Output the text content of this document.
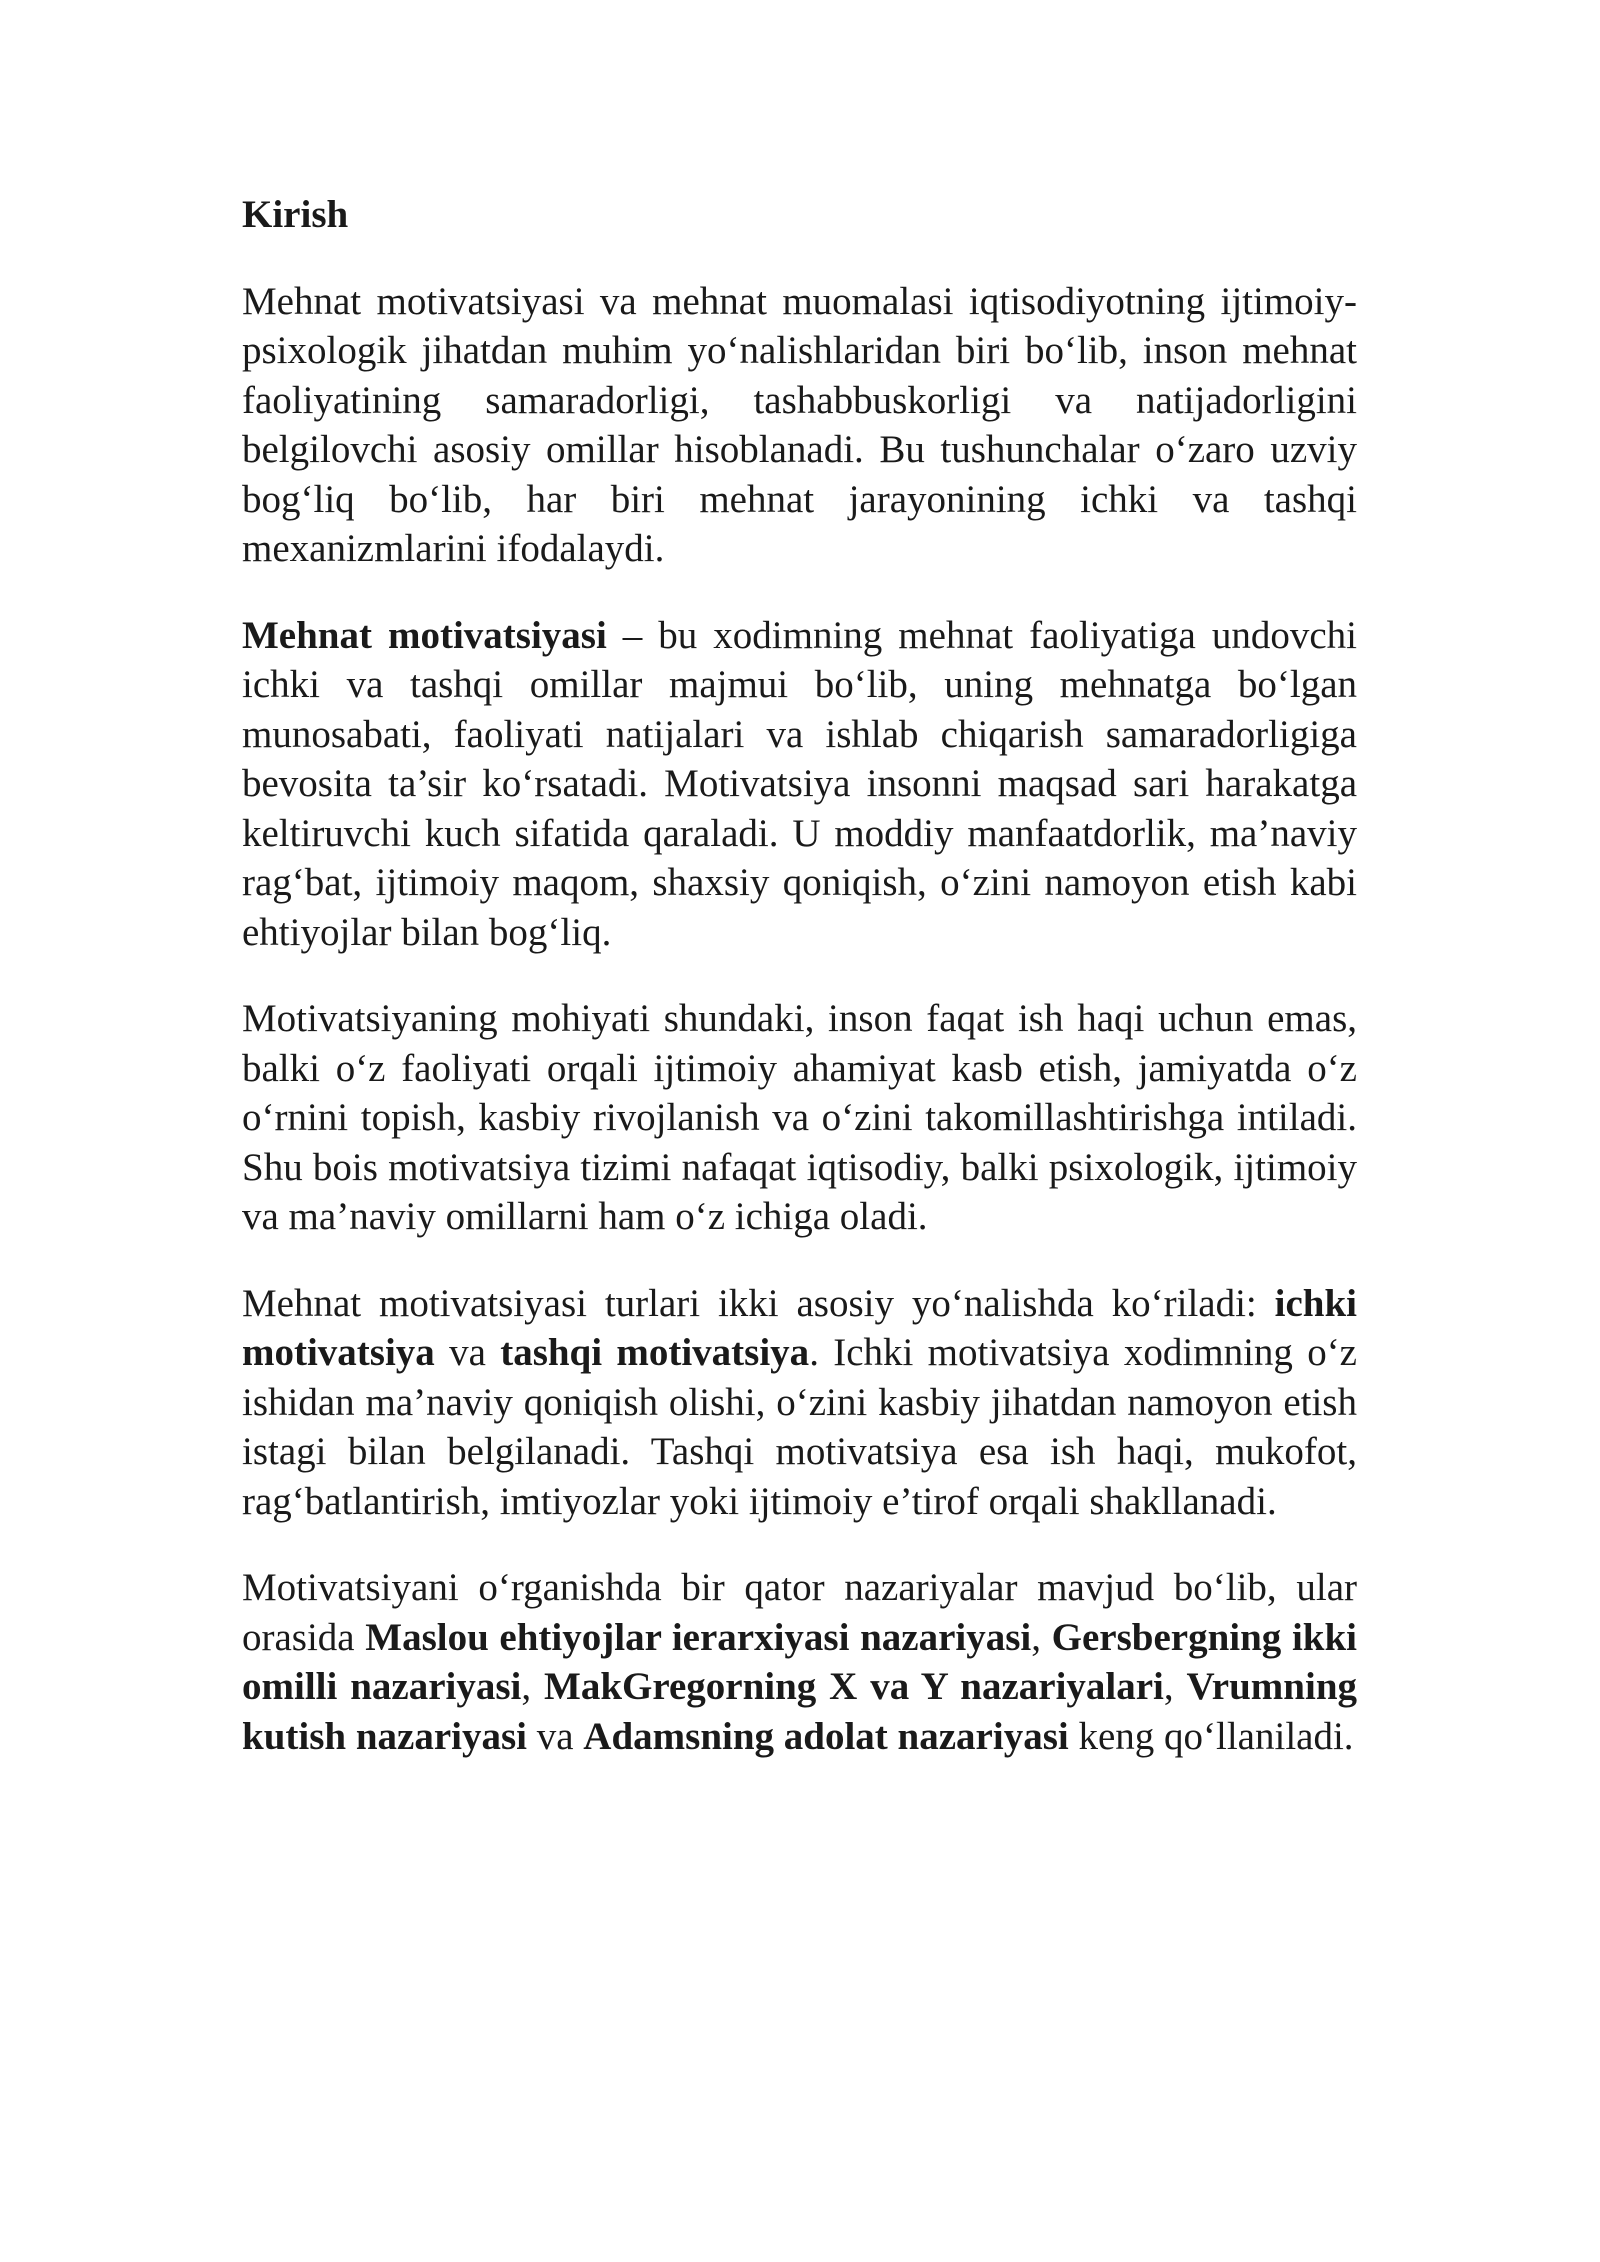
Kirish

Mehnat motivatsiyasi va mehnat muomalasi iqtisodiyotning ijtimoiy-psixologik jihatdan muhim yo‘nalishlaridan biri bo‘lib, inson mehnat faoliyatining samaradorligi, tashabbuskorligi va natijadorligini belgilovchi asosiy omillar hisoblanadi. Bu tushunchalar o‘zaro uzviy bog‘liq bo‘lib, har biri mehnat jarayonining ichki va tashqi mexanizmlarini ifodalaydi.

Mehnat motivatsiyasi – bu xodimning mehnat faoliyatiga undovchi ichki va tashqi omillar majmui bo‘lib, uning mehnatga bo‘lgan munosabati, faoliyati natijalari va ishlab chiqarish samaradorligiga bevosita ta’sir ko‘rsatadi. Motivatsiya insonni maqsad sari harakatga keltiruvchi kuch sifatida qaraladi. U moddiy manfaatdorlik, ma’naviy rag‘bat, ijtimoiy maqom, shaxsiy qoniqish, o‘zini namoyon etish kabi ehtiyojlar bilan bog‘liq.

Motivatsiyaning mohiyati shundaki, inson faqat ish haqi uchun emas, balki o‘z faoliyati orqali ijtimoiy ahamiyat kasb etish, jamiyatda o‘z o‘rnini topish, kasbiy rivojlanish va o‘zini takomillashtirishga intiladi. Shu bois motivatsiya tizimi nafaqat iqtisodiy, balki psixologik, ijtimoiy va ma’naviy omillarni ham o‘z ichiga oladi.

Mehnat motivatsiyasi turlari ikki asosiy yo‘nalishda ko‘riladi: ichki motivatsiya va tashqi motivatsiya. Ichki motivatsiya xodimning o‘z ishidan ma’naviy qoniqish olishi, o‘zini kasbiy jihatdan namoyon etish istagi bilan belgilanadi. Tashqi motivatsiya esa ish haqi, mukofot, rag‘batlantirish, imtiyozlar yoki ijtimoiy e’tirof orqali shakllanadi.

Motivatsiyani o‘rganishda bir qator nazariyalar mavjud bo‘lib, ular orasida Maslou ehtiyojlar ierarxiyasi nazariyasi, Gersbergning ikki omilli nazariyasi, MakGregorning X va Y nazariyalari, Vrumning kutish nazariyasi va Adamsning adolat nazariyasi keng qo‘llaniladi.
